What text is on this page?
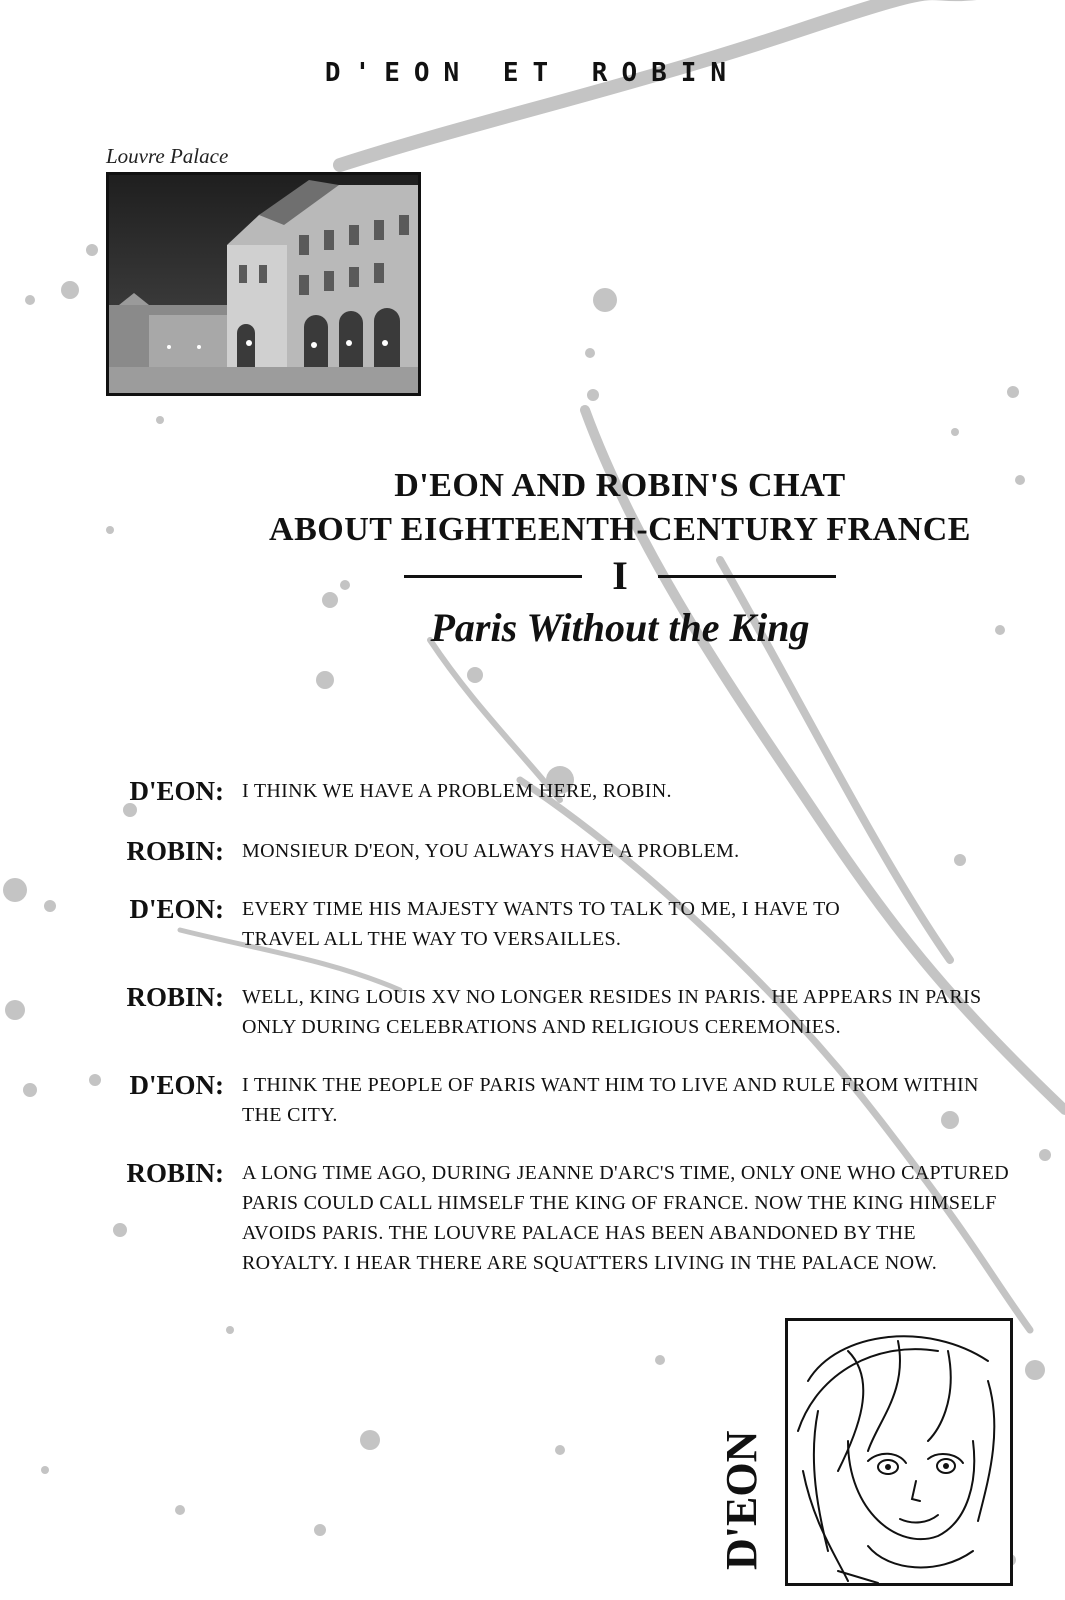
D'EON ET ROBIN
Louvre Palace
D'EON AND ROBIN'S CHAT
ABOUT EIGHTEENTH-CENTURY FRANCE
I
Paris Without the King
D'EON: I THINK WE HAVE A PROBLEM HERE, ROBIN.
ROBIN: MONSIEUR D'EON, YOU ALWAYS HAVE A PROBLEM.
D'EON: EVERY TIME HIS MAJESTY WANTS TO TALK TO ME, I HAVE TO TRAVEL ALL THE WAY TO VERSAILLES.
ROBIN: WELL, KING LOUIS XV NO LONGER RESIDES IN PARIS. HE APPEARS IN PARIS ONLY DURING CELEBRATIONS AND RELIGIOUS CEREMONIES.
D'EON: I THINK THE PEOPLE OF PARIS WANT HIM TO LIVE AND RULE FROM WITHIN THE CITY.
ROBIN: A LONG TIME AGO, DURING JEANNE D'ARC'S TIME, ONLY ONE WHO CAPTURED PARIS COULD CALL HIMSELF THE KING OF FRANCE. NOW THE KING HIMSELF AVOIDS PARIS. THE LOUVRE PALACE HAS BEEN ABANDONED BY THE ROYALTY. I HEAR THERE ARE SQUATTERS LIVING IN THE PALACE NOW.
D'EON
